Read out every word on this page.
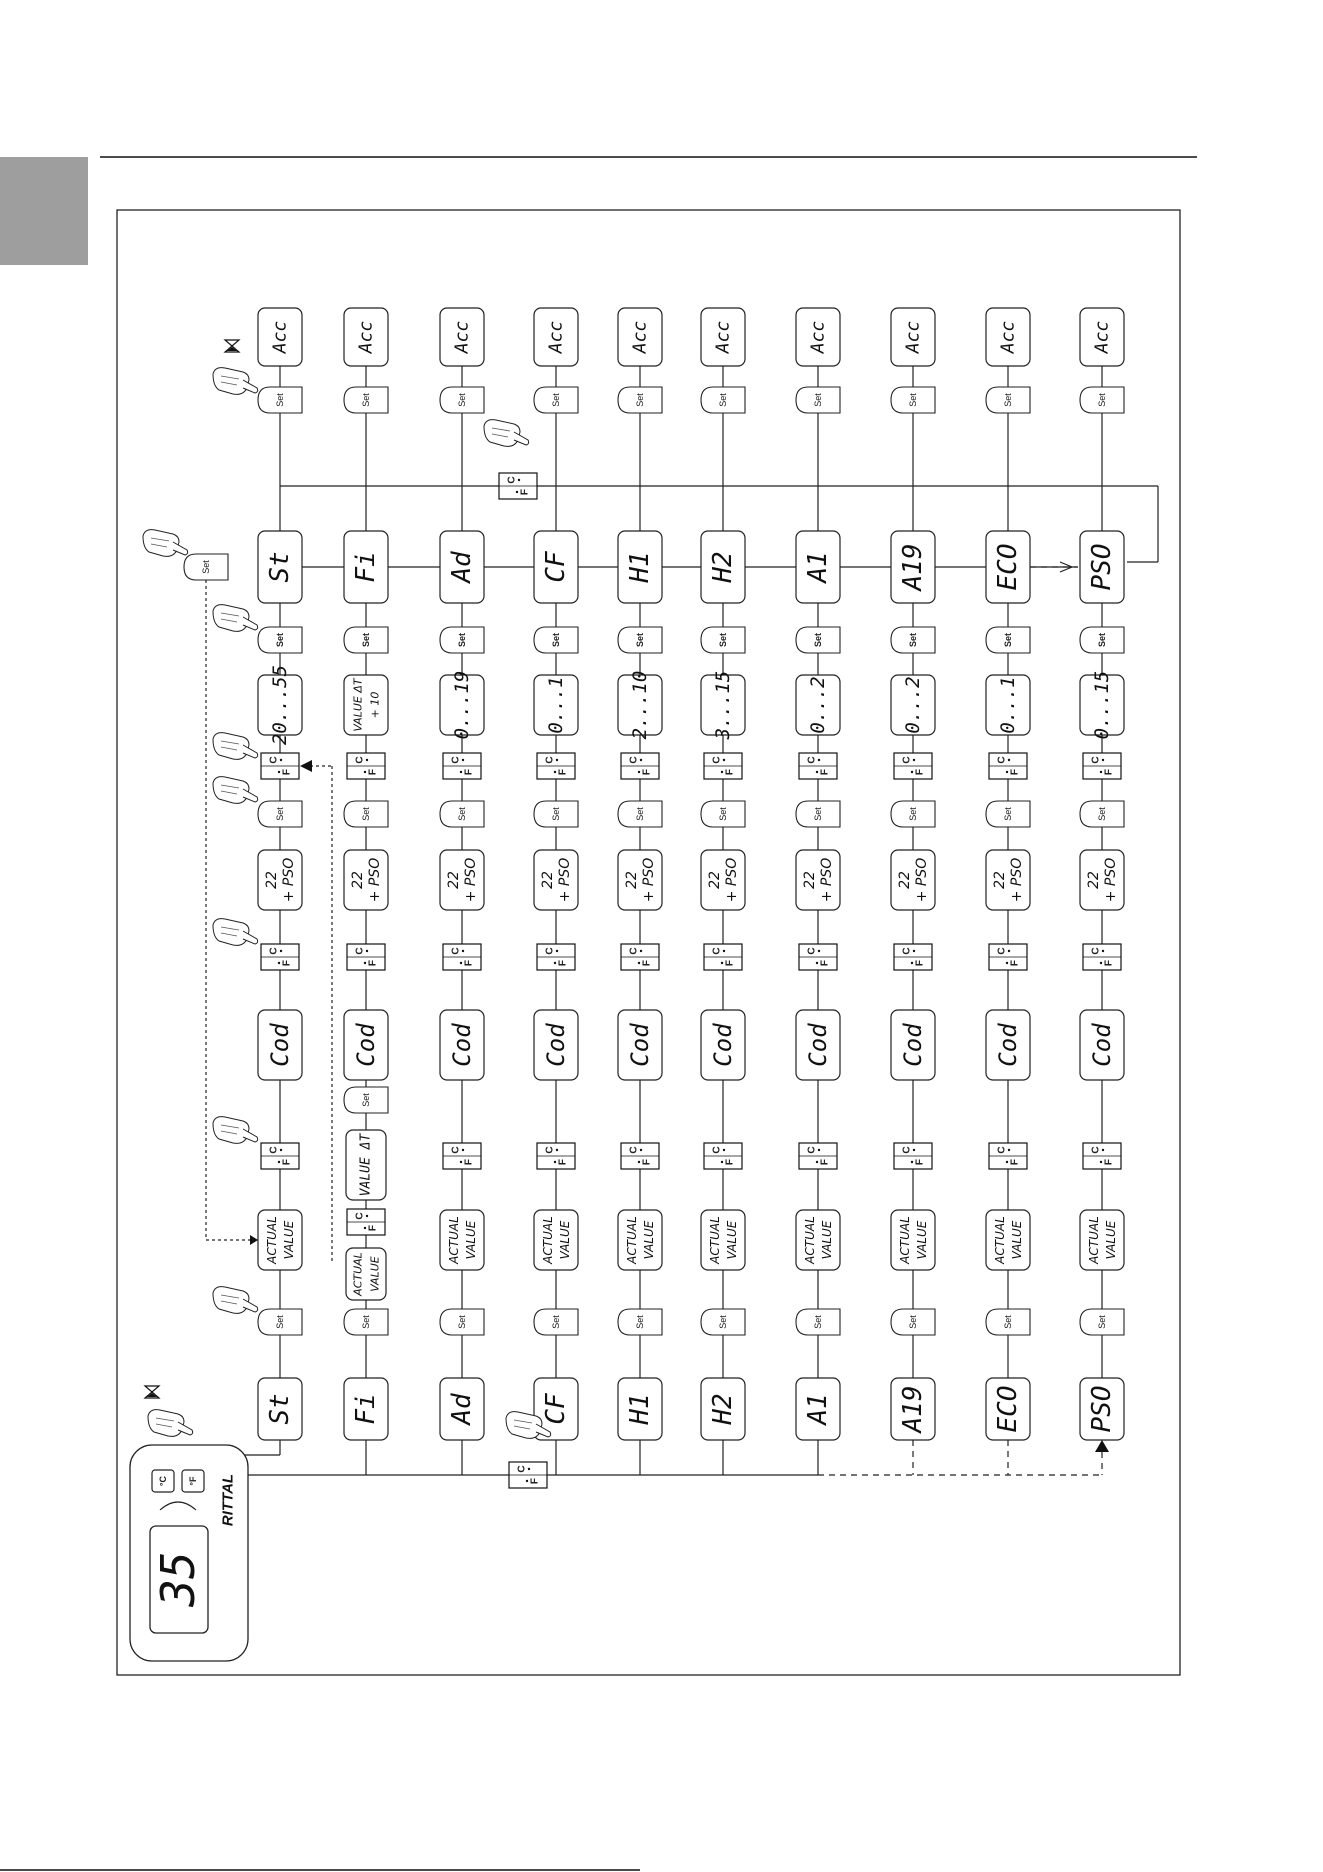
Acc
Set
St
Set
20...55
C
F
Set
22 + PSO
C
F
Cod
C
F
ACTUAL VALUE
Set
St
Acc
Set
Fi
Set
VALUE ΔT + 10
C
F
Set
22 + PSO
C
F
Cod
Set
VALUE ΔT
C
F
ACTUAL VALUE
Set
Fi
Acc
Set
Ad
Set
0...19
C
F
Set
22 + PSO
C
F
Cod
C
F
ACTUAL VALUE
Set
Ad
Acc
Set
CF
Set
0...1
C
F
Set
22 + PSO
C
F
Cod
C
F
ACTUAL VALUE
Set
CF
Acc
Set
H1
Set
2...10
C
F
Set
22 + PSO
C
F
Cod
C
F
ACTUAL VALUE
Set
H1
Acc
Set
H2
Set
3...15
C
F
Set
22 + PSO
C
F
Cod
C
F
ACTUAL VALUE
Set
H2
Acc
Set
A1
Set
0...2
C
F
Set
22 + PSO
C
F
Cod
C
F
ACTUAL VALUE
Set
A1
Acc
Set
A19
Set
0...2
C
F
Set
22 + PSO
C
F
Cod
C
F
ACTUAL VALUE
Set
A19
Acc
Set
ECO
Set
0...1
C
F
Set
22 + PSO
C
F
Cod
C
F
ACTUAL VALUE
Set
ECO
Acc
Set
PSO
Set
0...15
C
F
Set
22 + PSO
C
F
Cod
C
F
ACTUAL VALUE
Set
PSO
Set
C
F
C
F
35
°C °F RITTAL
